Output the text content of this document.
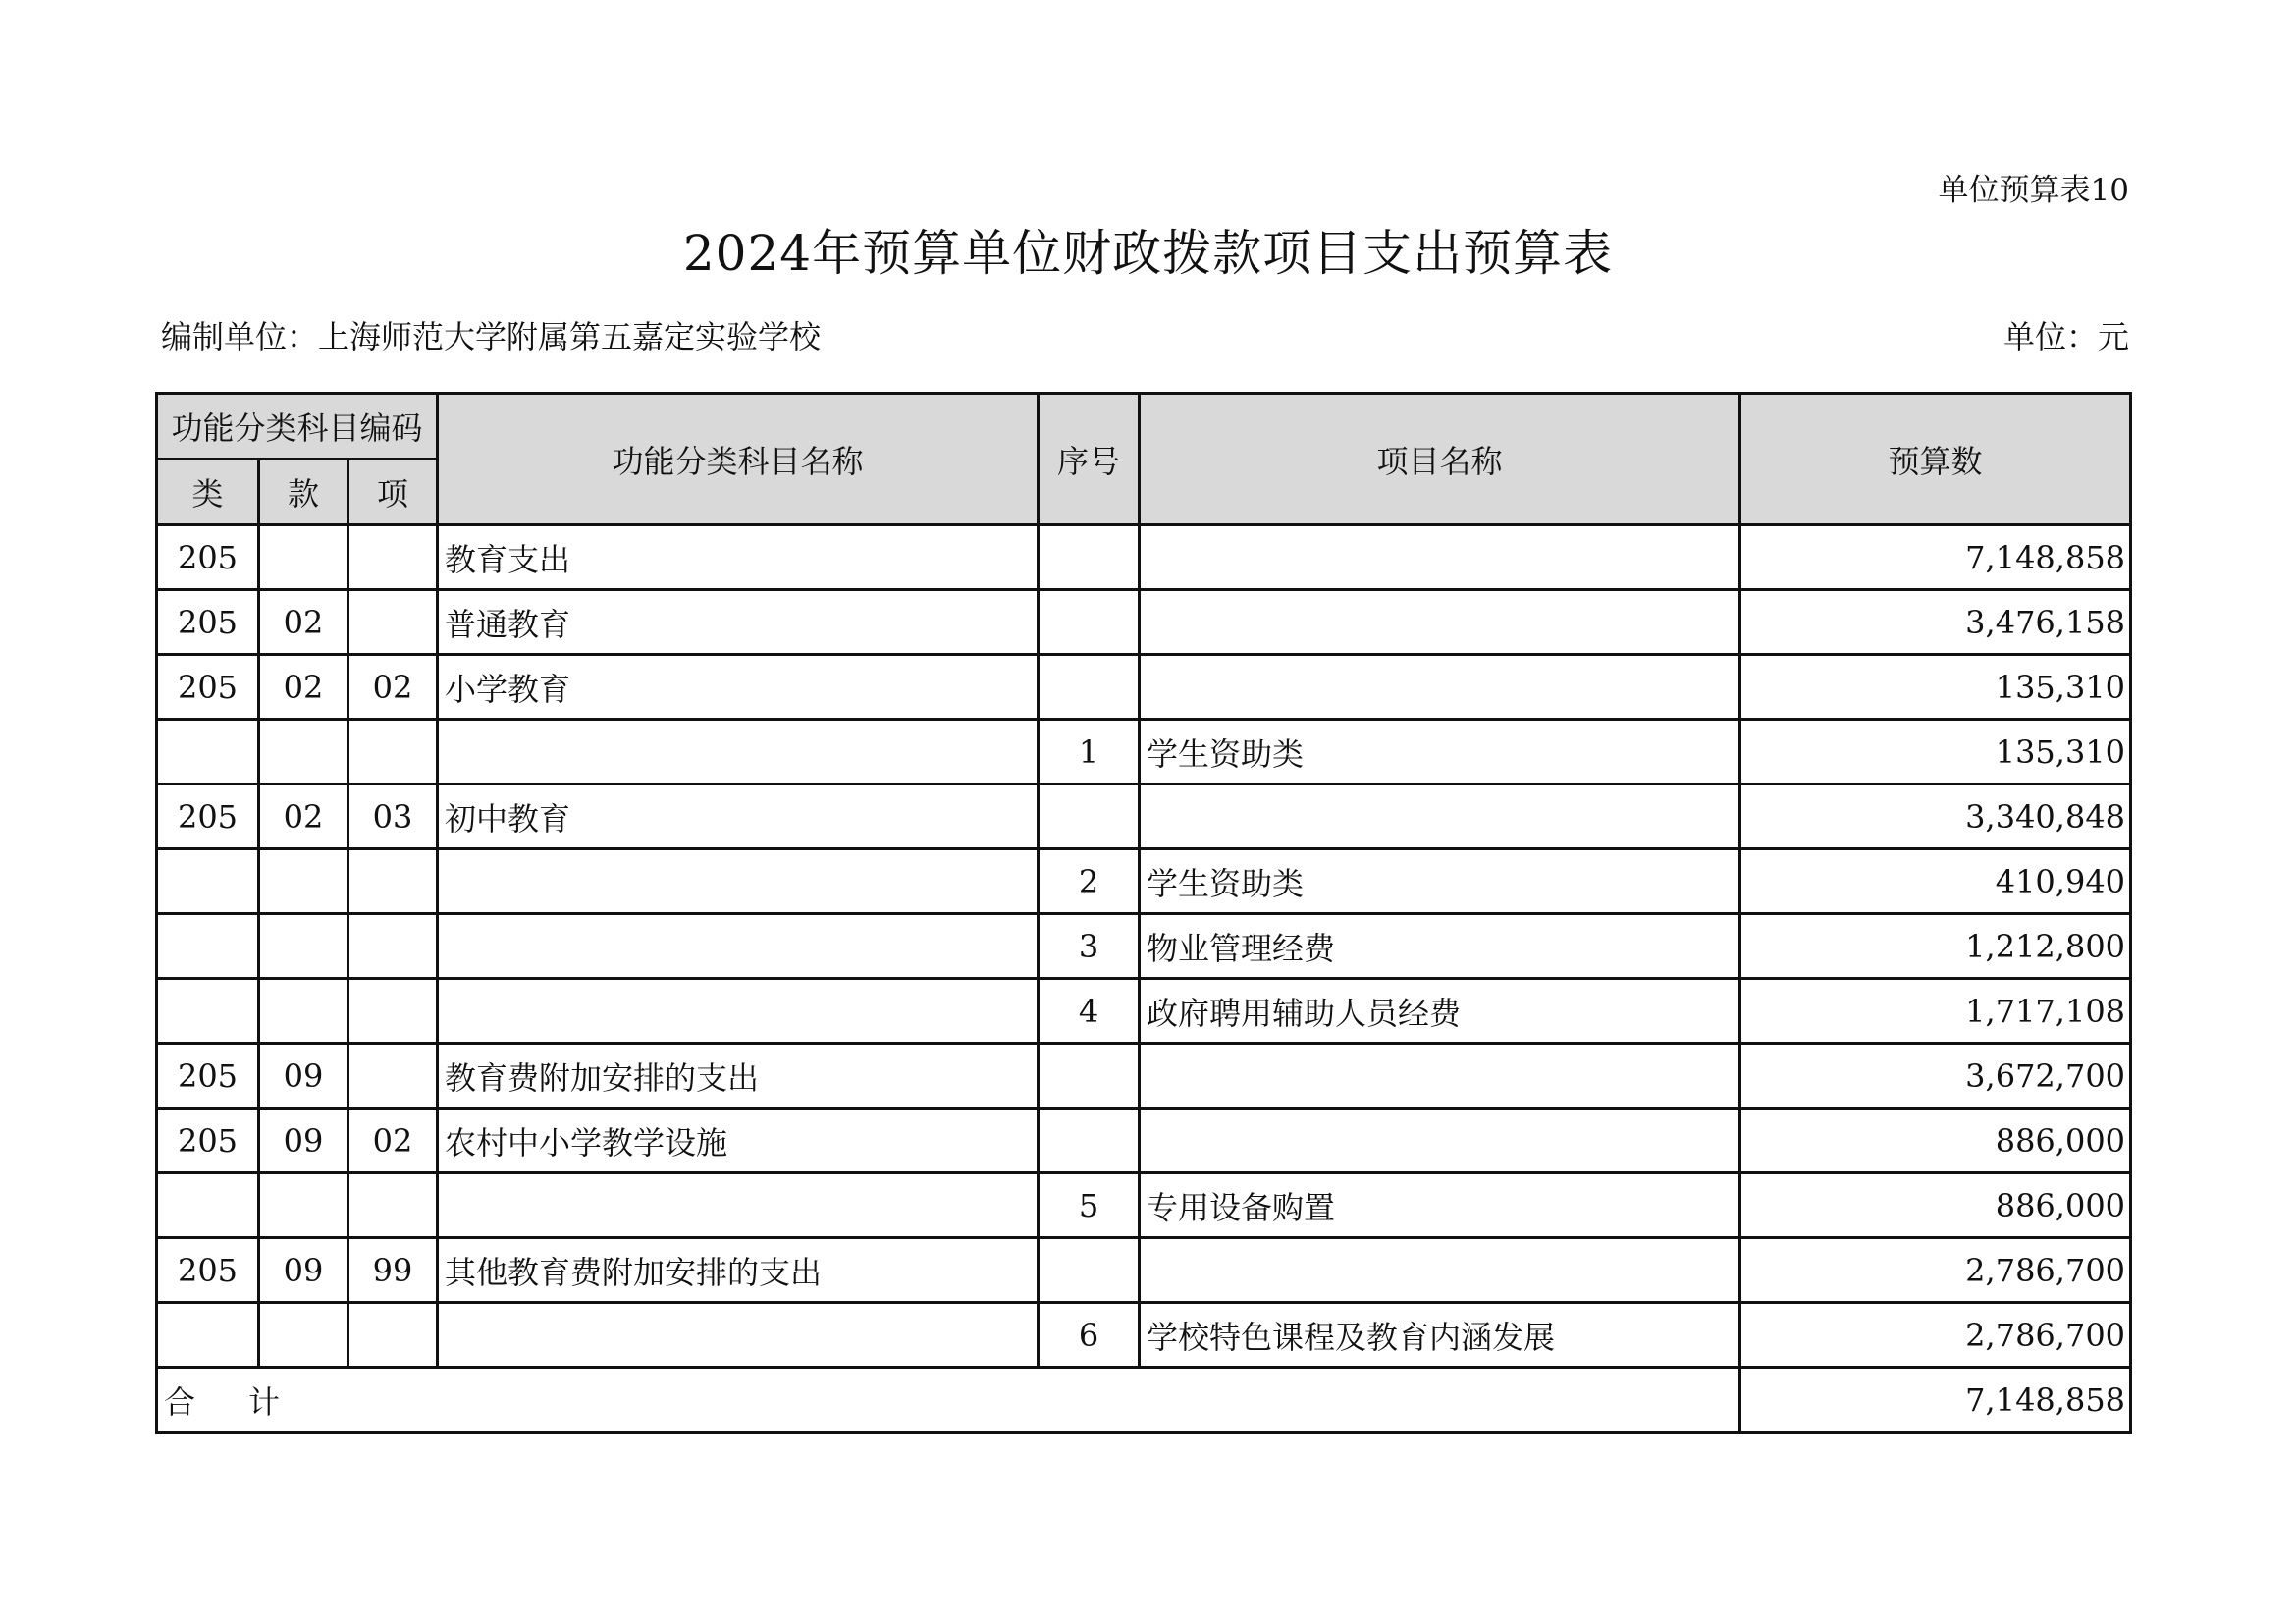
单位预算表10
2024年预算单位财政拨款项目支出预算表
编制单位：上海师范大学附属第五嘉定实验学校	单位：元
功能分类科目编码			功能分类科目名称	序号	项目名称	预算数
类	款	项				
205			教育支出			7,148,858
205	02		普通教育			3,476,158
205	02	02	小学教育			135,310
				1	学生资助类	135,310
205	02	03	初中教育			3,340,848
				2	学生资助类	410,940
				3	物业管理经费	1,212,800
				4	政府聘用辅助人员经费	1,717,108
205	09		教育费附加安排的支出			3,672,700
205	09	02	农村中小学教学设施			886,000
				5	专用设备购置	886,000
205	09	99	其他教育费附加安排的支出			2,786,700
				6	学校特色课程及教育内涵发展	2,786,700
合 计						7,148,858
